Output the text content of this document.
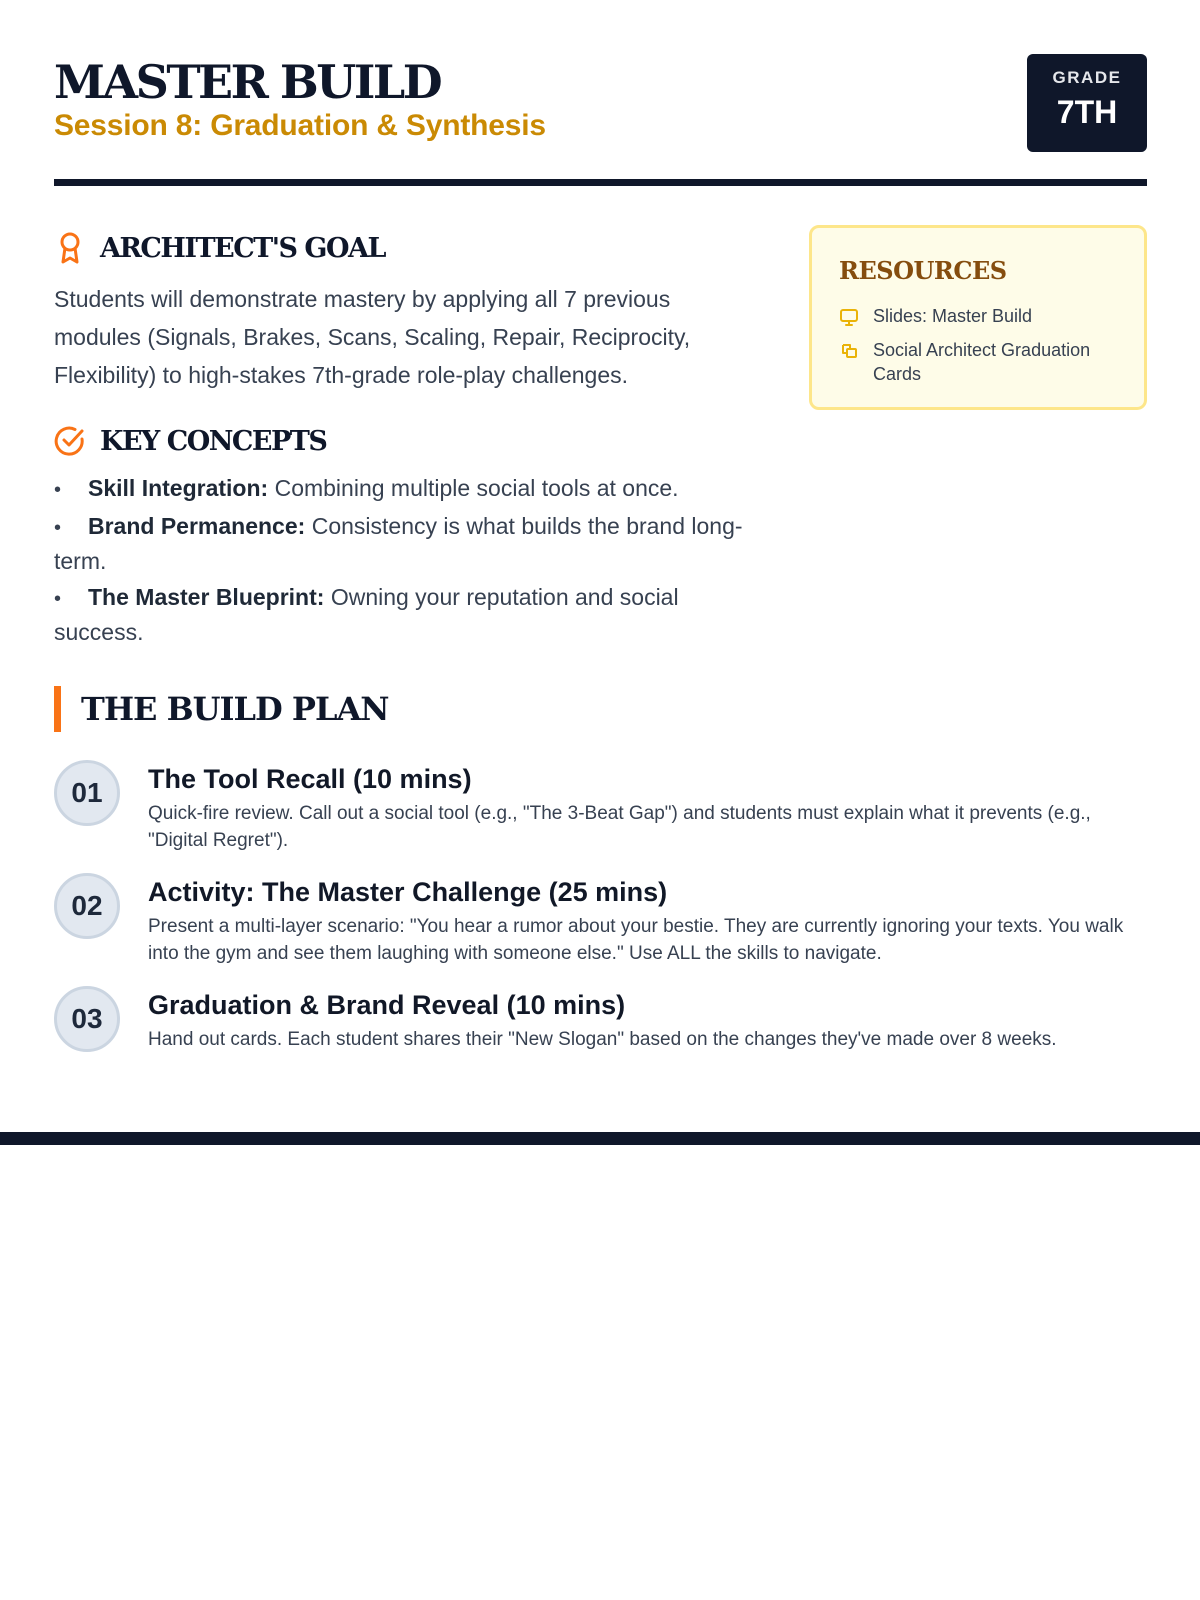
MASTER BUILD
Session 8: Graduation & Synthesis
GRADE
7TH
ARCHITECT'S GOAL
Students will demonstrate mastery by applying all 7 previous modules (Signals, Brakes, Scans, Scaling, Repair, Reciprocity, Flexibility) to high-stakes 7th-grade role-play challenges.
KEY CONCEPTS
• Skill Integration: Combining multiple social tools at once.
• Brand Permanence: Consistency is what builds the brand long-term.
• The Master Blueprint: Owning your reputation and social success.
RESOURCES
Slides: Master Build
Social Architect Graduation Cards
THE BUILD PLAN
01	The Tool Recall (10 mins)
Quick-fire review. Call out a social tool (e.g., "The 3-Beat Gap") and students must explain what it prevents (e.g., "Digital Regret").
02	Activity: The Master Challenge (25 mins)
Present a multi-layer scenario: "You hear a rumor about your bestie. They are currently ignoring your texts. You walk into the gym and see them laughing with someone else." Use ALL the skills to navigate.
03	Graduation & Brand Reveal (10 mins)
Hand out cards. Each student shares their "New Slogan" based on the changes they've made over 8 weeks.
